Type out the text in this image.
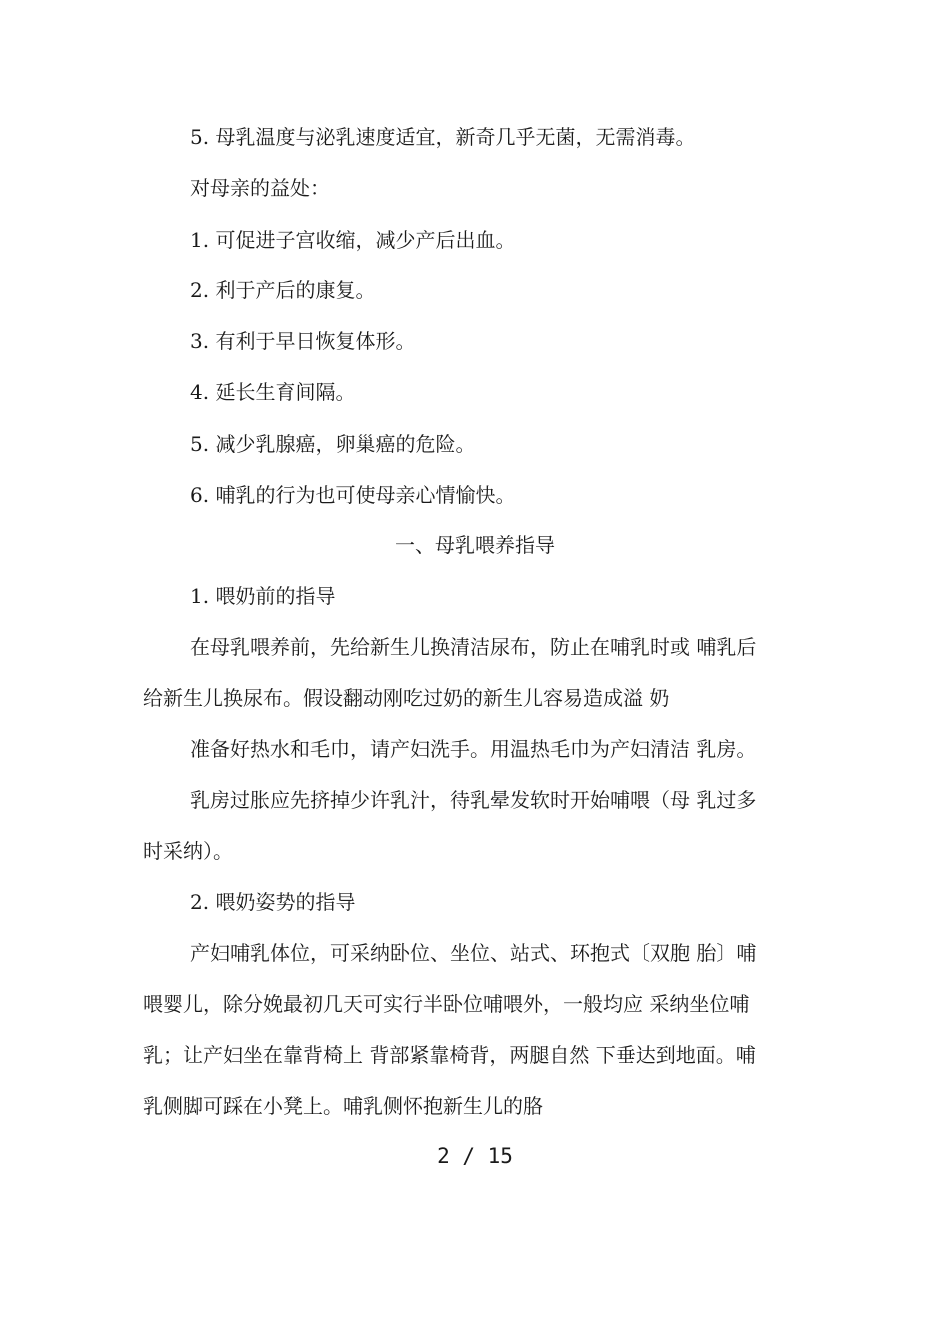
5. 母乳温度与泌乳速度适宜，新奇几乎无菌，无需消毒。

对母亲的益处：

1. 可促进子宫收缩，减少产后出血。

2. 利于产后的康复。

3. 有利于早日恢复体形。

4. 延长生育间隔。

5. 减少乳腺癌，卵巢癌的危险。

6. 哺乳的行为也可使母亲心情愉快。

一、母乳喂养指导

1. 喂奶前的指导

在母乳喂养前，先给新生儿换清洁尿布，防止在哺乳时或 哺乳后

给新生儿换尿布。假设翻动刚吃过奶的新生儿容易造成溢 奶

准备好热水和毛巾，请产妇洗手。用温热毛巾为产妇清洁 乳房。

乳房过胀应先挤掉少许乳汁，待乳晕发软时开始哺喂（母 乳过多

时采纳）。

2. 喂奶姿势的指导

产妇哺乳体位，可采纳卧位、坐位、站式、环抱式〔双胞 胎〕哺

喂婴儿，除分娩最初几天可实行半卧位哺喂外，一般均应 采纳坐位哺

乳；让产妇坐在靠背椅上 背部紧靠椅背，两腿自然 下垂达到地面。哺

乳侧脚可踩在小凳上。哺乳侧怀抱新生儿的胳

2 / 15
